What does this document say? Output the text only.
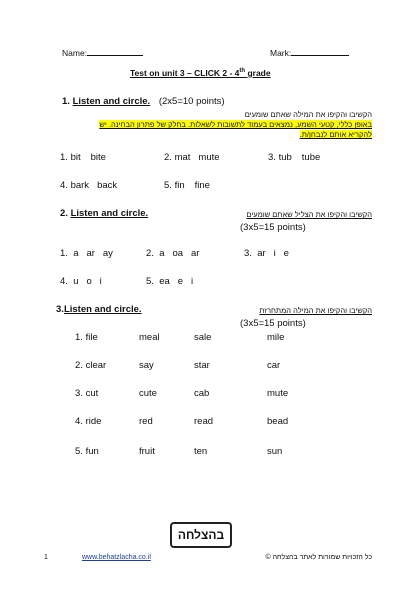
Name:	Mark:
Test on unit 3 – CLICK 2 - 4th grade
1. Listen and circle. (2x5=10 points)
הקשיבו והקיפו את המילה שאתם שומעים
באופן כללי, קטעי השמע, נמצאים בעמוד לתשובות לשאלות. בחלק של פתרון הבחינה. יש
להקריא אותם לנבחן/ת.
1. bit bite	2. mat mute	3. tub tube
4. bark back	5. fin fine
2. Listen and circle.	הקשיבו והקיפו את הצליל שאתם שומעים
(3x5=15 points)
1. a ar ay	2. a oa ar	3. ar i e
4. u o i	5. ea e i
3.Listen and circle.	הקשיבו והקיפו את המילה המתחרזת
(3x5=15 points)
1. file	meal	sale	mile
2. clear	say	star	car
3. cut	cute	cab	mute
4. ride	red	read	bead
5. fun	fruit	ten	sun
בהצלחה
1	www.behatzlacha.co.il	כל הזכויות שמורות לאתר בהצלחה ©
